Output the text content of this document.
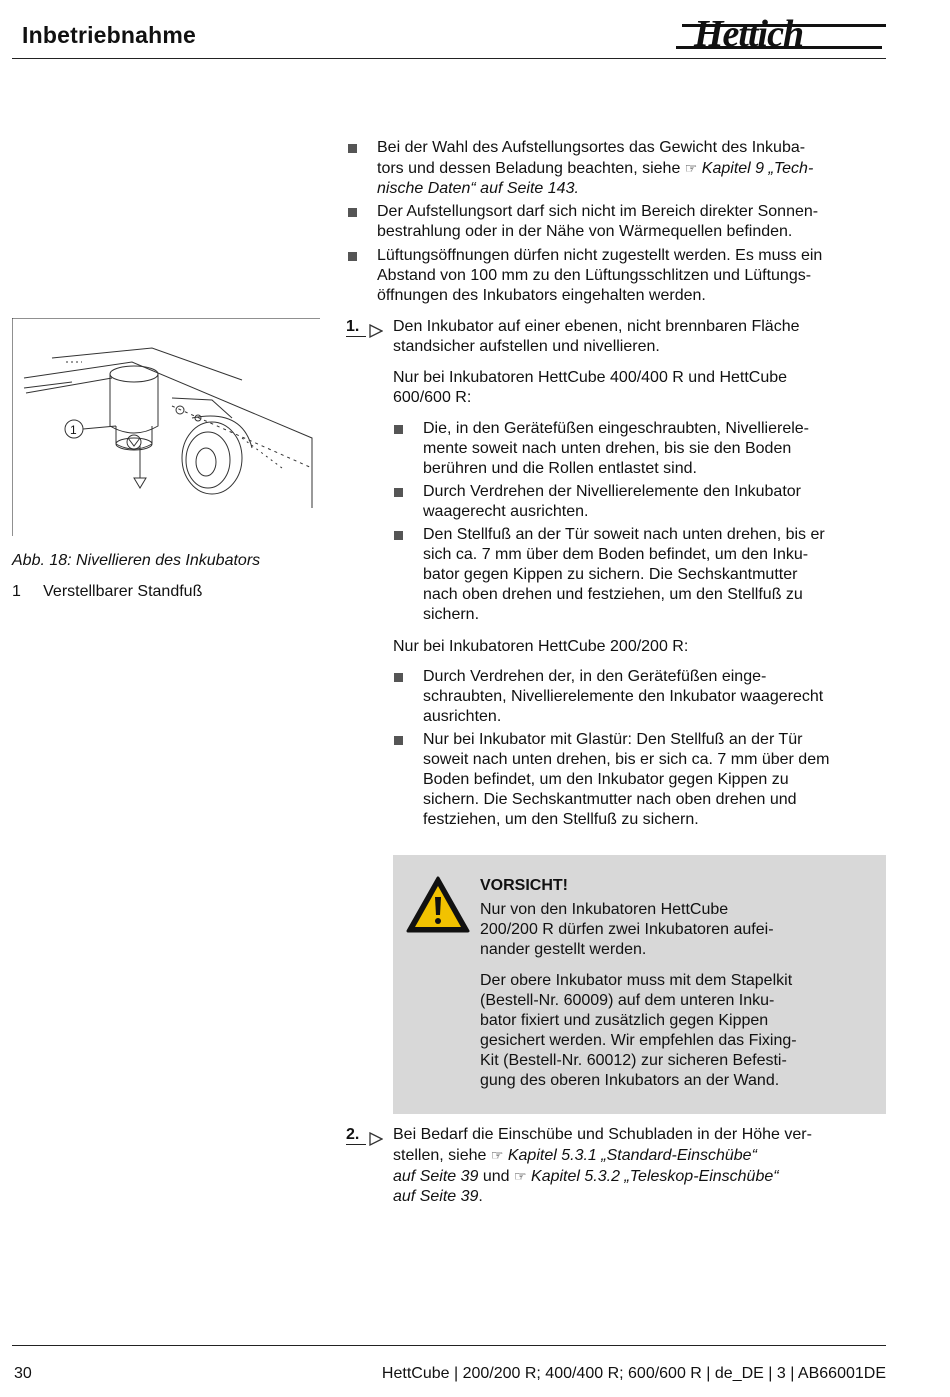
Inbetriebnahme	Hettich
Bei der Wahl des Aufstellungsortes das Gewicht des Inkuba-
tors und dessen Beladung beachten, siehe ☞ Kapitel 9 „Tech-
nische Daten“ auf Seite 143.
Der Aufstellungsort darf sich nicht im Bereich direkter Sonnen-
bestrahlung oder in der Nähe von Wärmequellen befinden.
Lüftungsöffnungen dürfen nicht zugestellt werden. Es muss ein
Abstand von 100 mm zu den Lüftungsschlitzen und Lüftungs-
öffnungen des Inkubators eingehalten werden.
1
Abb. 18: Nivellieren des Inkubators
1 Verstellbarer Standfuß
1. Den Inkubator auf einer ebenen, nicht brennbaren Fläche
standsicher aufstellen und nivellieren.
Nur bei Inkubatoren HettCube 400/400 R und HettCube
600/600 R:
Die, in den Gerätefüßen eingeschraubten, Nivellierele-
mente soweit nach unten drehen, bis sie den Boden
berühren und die Rollen entlastet sind.
Durch Verdrehen der Nivellierelemente den Inkubator
waagerecht ausrichten.
Den Stellfuß an der Tür soweit nach unten drehen, bis er
sich ca. 7 mm über dem Boden befindet, um den Inku-
bator gegen Kippen zu sichern. Die Sechskantmutter
nach oben drehen und festziehen, um den Stellfuß zu
sichern.
Nur bei Inkubatoren HettCube 200/200 R:
Durch Verdrehen der, in den Gerätefüßen einge-
schraubten, Nivellierelemente den Inkubator waagerecht
ausrichten.
Nur bei Inkubator mit Glastür: Den Stellfuß an der Tür
soweit nach unten drehen, bis er sich ca. 7 mm über dem
Boden befindet, um den Inkubator gegen Kippen zu
sichern. Die Sechskantmutter nach oben drehen und
festziehen, um den Stellfuß zu sichern.
VORSICHT!
Nur von den Inkubatoren HettCube
200/200 R dürfen zwei Inkubatoren aufei-
nander gestellt werden.
Der obere Inkubator muss mit dem Stapelkit
(Bestell-Nr. 60009) auf dem unteren Inku-
bator fixiert und zusätzlich gegen Kippen
gesichert werden. Wir empfehlen das Fixing-
Kit (Bestell-Nr. 60012) zur sicheren Befesti-
gung des oberen Inkubators an der Wand.
2. Bei Bedarf die Einschübe und Schubladen in der Höhe ver-
stellen, siehe ☞ Kapitel 5.3.1 „Standard-Einschübe“
auf Seite 39 und ☞ Kapitel 5.3.2 „Teleskop-Einschübe“
auf Seite 39.
30	HettCube | 200/200 R; 400/400 R; 600/600 R | de_DE | 3 | AB66001DE
